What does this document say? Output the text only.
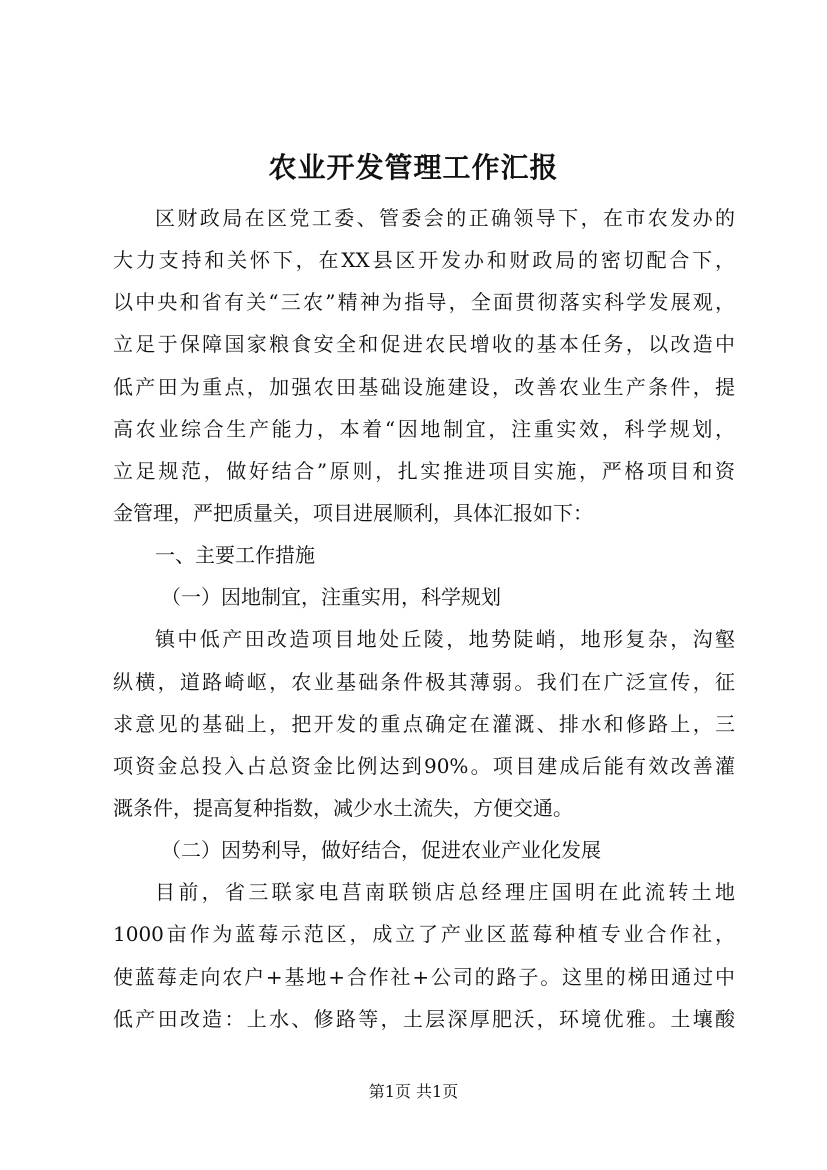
农业开发管理工作汇报
区财政局在区党工委、管委会的正确领导下，在市农发办的
大力支持和关怀下，在XX县区开发办和财政局的密切配合下，
以中央和省有关“三农”精神为指导，全面贯彻落实科学发展观，
立足于保障国家粮食安全和促进农民增收的基本任务，以改造中
低产田为重点，加强农田基础设施建设，改善农业生产条件，提
高农业综合生产能力，本着“因地制宜，注重实效，科学规划，
立足规范，做好结合”原则，扎实推进项目实施，严格项目和资
金管理，严把质量关，项目进展顺利，具体汇报如下：
一、主要工作措施
（一）因地制宜，注重实用，科学规划
镇中低产田改造项目地处丘陵，地势陡峭，地形复杂，沟壑
纵横，道路崎岖，农业基础条件极其薄弱。我们在广泛宣传，征
求意见的基础上，把开发的重点确定在灌溉、排水和修路上，三
项资金总投入占总资金比例达到90%。项目建成后能有效改善灌
溉条件，提高复种指数，减少水土流失，方便交通。
（二）因势利导，做好结合，促进农业产业化发展
目前，省三联家电莒南联锁店总经理庄国明在此流转土地
1000亩作为蓝莓示范区，成立了产业区蓝莓种植专业合作社，
使蓝莓走向农户+基地+合作社+公司的路子。这里的梯田通过中
低产田改造：上水、修路等，土层深厚肥沃，环境优雅。土壤酸
第1页 共1页
